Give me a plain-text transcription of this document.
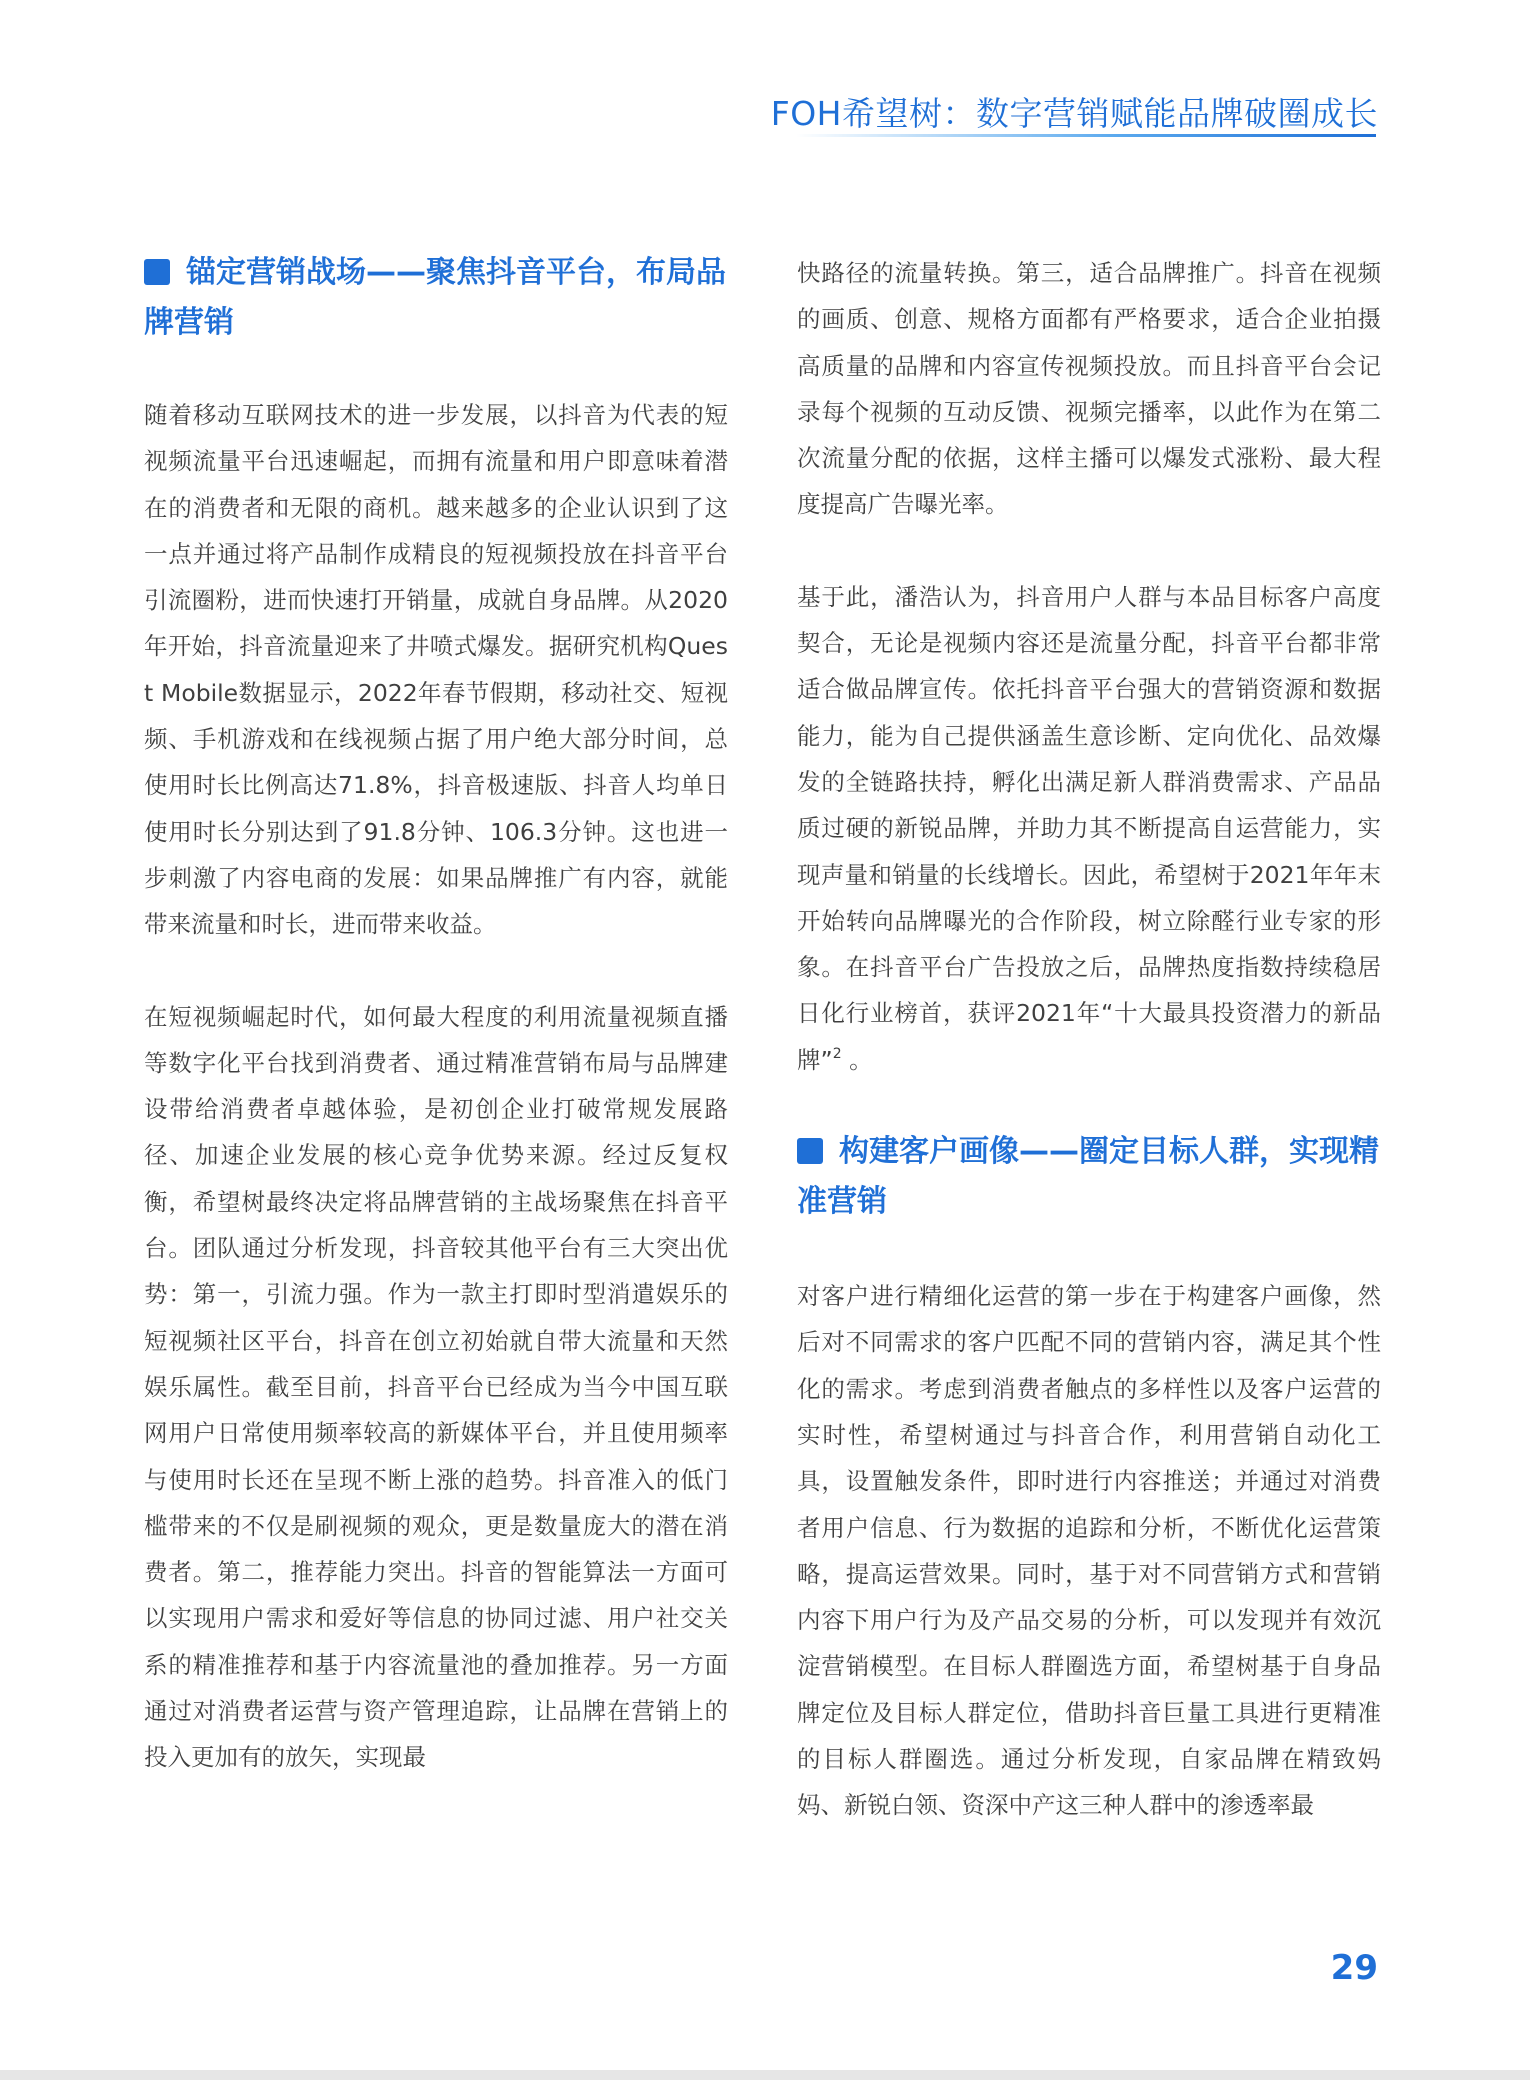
FOH希望树：数字营销赋能品牌破圈成长
锚定营销战场——聚焦抖音平台，布局品牌营销

随着移动互联网技术的进一步发展，以抖音为代表的短视频流量平台迅速崛起，而拥有流量和用户即意味着潜在的消费者和无限的商机。越来越多的企业认识到了这一点并通过将产品制作成精良的短视频投放在抖音平台引流圈粉，进而快速打开销量，成就自身品牌。从2020年开始，抖音流量迎来了井喷式爆发。据研究机构Quest Mobile数据显示，2022年春节假期，移动社交、短视频、手机游戏和在线视频占据了用户绝大部分时间，总使用时长比例高达71.8%，抖音极速版、抖音人均单日使用时长分别达到了91.8分钟、106.3分钟。这也进一步刺激了内容电商的发展：如果品牌推广有内容，就能带来流量和时长，进而带来收益。

在短视频崛起时代，如何最大程度的利用流量视频直播等数字化平台找到消费者、通过精准营销布局与品牌建设带给消费者卓越体验，是初创企业打破常规发展路径、加速企业发展的核心竞争优势来源。经过反复权衡，希望树最终决定将品牌营销的主战场聚焦在抖音平台。团队通过分析发现，抖音较其他平台有三大突出优势：第一，引流力强。作为一款主打即时型消遣娱乐的短视频社区平台，抖音在创立初始就自带大流量和天然娱乐属性。截至目前，抖音平台已经成为当今中国互联网用户日常使用频率较高的新媒体平台，并且使用频率与使用时长还在呈现不断上涨的趋势。抖音准入的低门槛带来的不仅是刷视频的观众，更是数量庞大的潜在消费者。第二，推荐能力突出。抖音的智能算法一方面可以实现用户需求和爱好等信息的协同过滤、用户社交关系的精准推荐和基于内容流量池的叠加推荐。另一方面通过对消费者运营与资产管理追踪，让品牌在营销上的投入更加有的放矢，实现最

快路径的流量转换。第三，适合品牌推广。抖音在视频的画质、创意、规格方面都有严格要求，适合企业拍摄高质量的品牌和内容宣传视频投放。而且抖音平台会记录每个视频的互动反馈、视频完播率，以此作为在第二次流量分配的依据，这样主播可以爆发式涨粉、最大程度提高广告曝光率。

基于此，潘浩认为，抖音用户人群与本品目标客户高度契合，无论是视频内容还是流量分配，抖音平台都非常适合做品牌宣传。依托抖音平台强大的营销资源和数据能力，能为自己提供涵盖生意诊断、定向优化、品效爆发的全链路扶持，孵化出满足新人群消费需求、产品品质过硬的新锐品牌，并助力其不断提高自运营能力，实现声量和销量的长线增长。因此，希望树于2021年年末开始转向品牌曝光的合作阶段，树立除醛行业专家的形象。在抖音平台广告投放之后，品牌热度指数持续稳居日化行业榜首，获评2021年“十大最具投资潜力的新品牌”$^2$ 。

构建客户画像——圈定目标人群，实现精准营销

对客户进行精细化运营的第一步在于构建客户画像，然后对不同需求的客户匹配不同的营销内容，满足其个性化的需求。考虑到消费者触点的多样性以及客户运营的实时性，希望树通过与抖音合作，利用营销自动化工具，设置触发条件，即时进行内容推送；并通过对消费者用户信息、行为数据的追踪和分析，不断优化运营策略，提高运营效果。同时，基于对不同营销方式和营销内容下用户行为及产品交易的分析，可以发现并有效沉淀营销模型。在目标人群圈选方面，希望树基于自身品牌定位及目标人群定位，借助抖音巨量工具进行更精准的目标人群圈选。通过分析发现，自家品牌在精致妈妈、新锐白领、资深中产这三种人群中的渗透率最

29
